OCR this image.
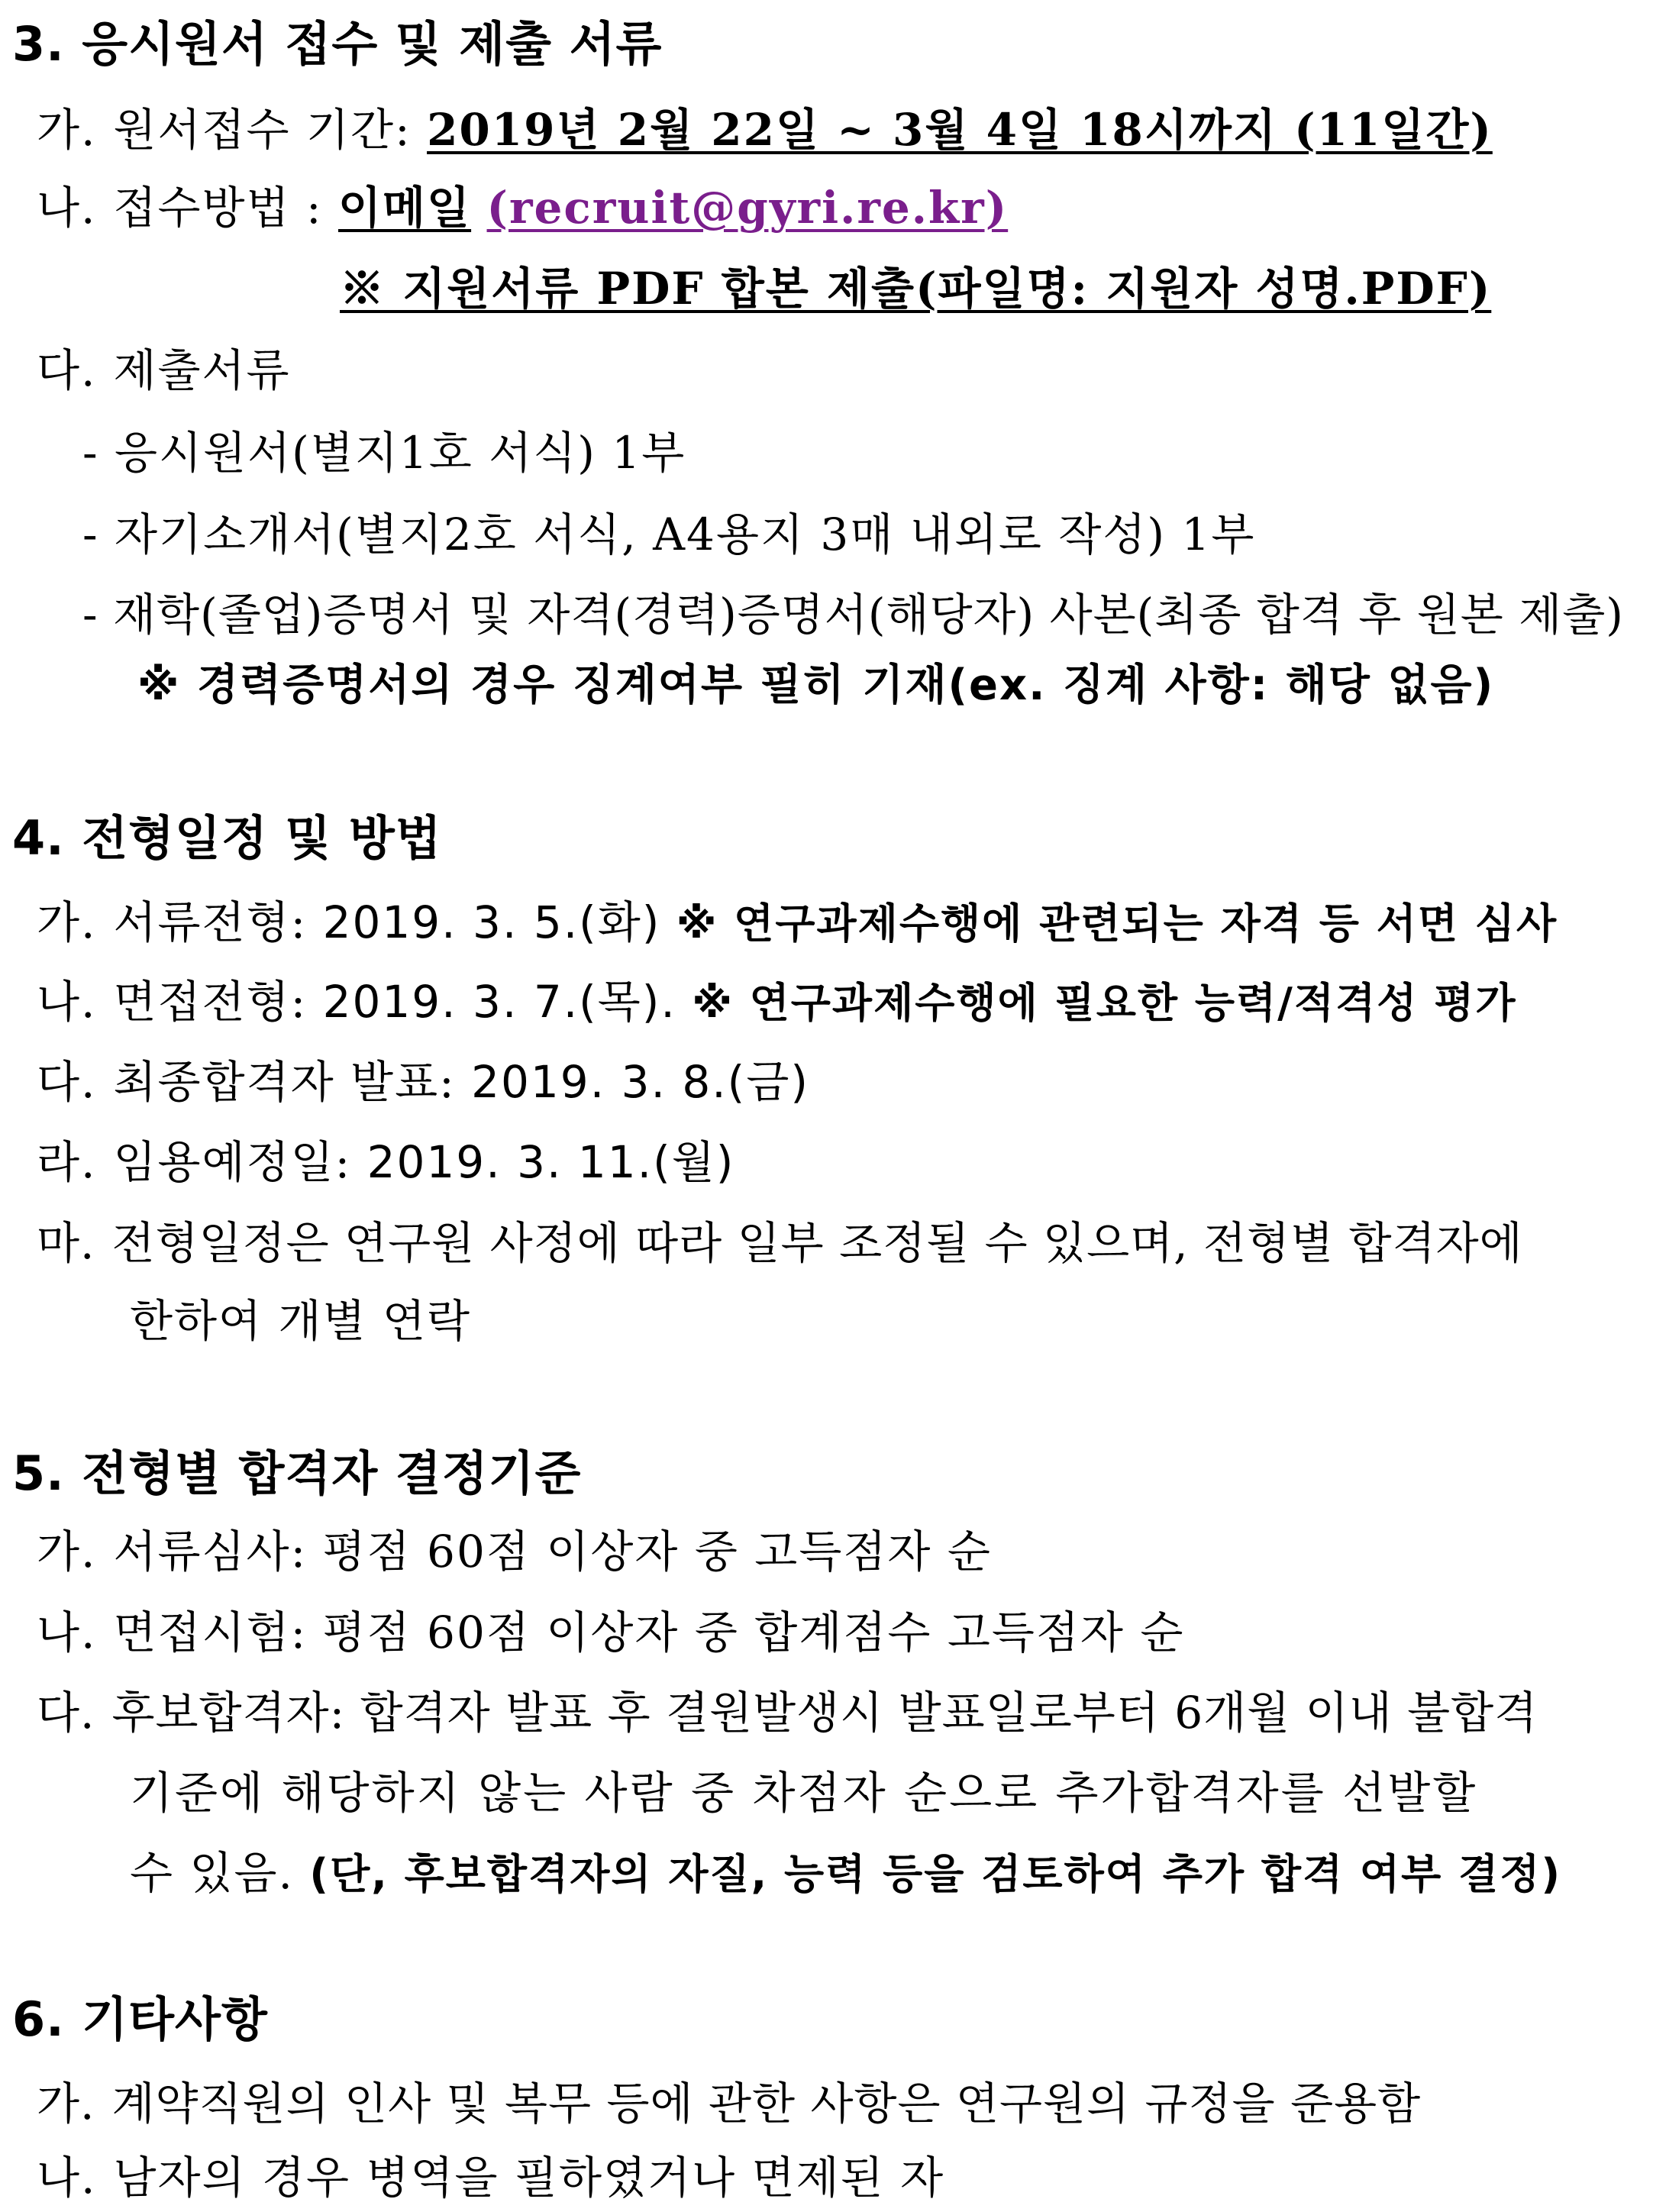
3. 응시원서 접수 및 제출 서류
가. 원서접수 기간: 2019년 2월 22일 ~ 3월 4일 18시까지 (11일간)
나. 접수방법 : 이메일 (recruit@gyri.re.kr)
※ 지원서류 PDF 합본 제출(파일명: 지원자 성명.PDF)
다. 제출서류
- 응시원서(별지1호 서식) 1부
- 자기소개서(별지2호 서식, A4용지 3매 내외로 작성) 1부
- 재학(졸업)증명서 및 자격(경력)증명서(해당자) 사본(최종 합격 후 원본 제출)
※ 경력증명서의 경우 징계여부 필히 기재(ex. 징계 사항: 해당 없음)
4. 전형일정 및 방법
가. 서류전형: 2019. 3. 5.(화) ※ 연구과제수행에 관련되는 자격 등 서면 심사
나. 면접전형: 2019. 3. 7.(목). ※ 연구과제수행에 필요한 능력/적격성 평가
다. 최종합격자 발표: 2019. 3. 8.(금)
라. 임용예정일: 2019. 3. 11.(월)
마. 전형일정은 연구원 사정에 따라 일부 조정될 수 있으며, 전형별 합격자에
한하여 개별 연락
5. 전형별 합격자 결정기준
가. 서류심사: 평점 60점 이상자 중 고득점자 순
나. 면접시험: 평점 60점 이상자 중 합계점수 고득점자 순
다. 후보합격자: 합격자 발표 후 결원발생시 발표일로부터 6개월 이내 불합격
기준에 해당하지 않는 사람 중 차점자 순으로 추가합격자를 선발할
수 있음. (단, 후보합격자의 자질, 능력 등을 검토하여 추가 합격 여부 결정)
6. 기타사항
가. 계약직원의 인사 및 복무 등에 관한 사항은 연구원의 규정을 준용함
나. 남자의 경우 병역을 필하였거나 면제된 자
